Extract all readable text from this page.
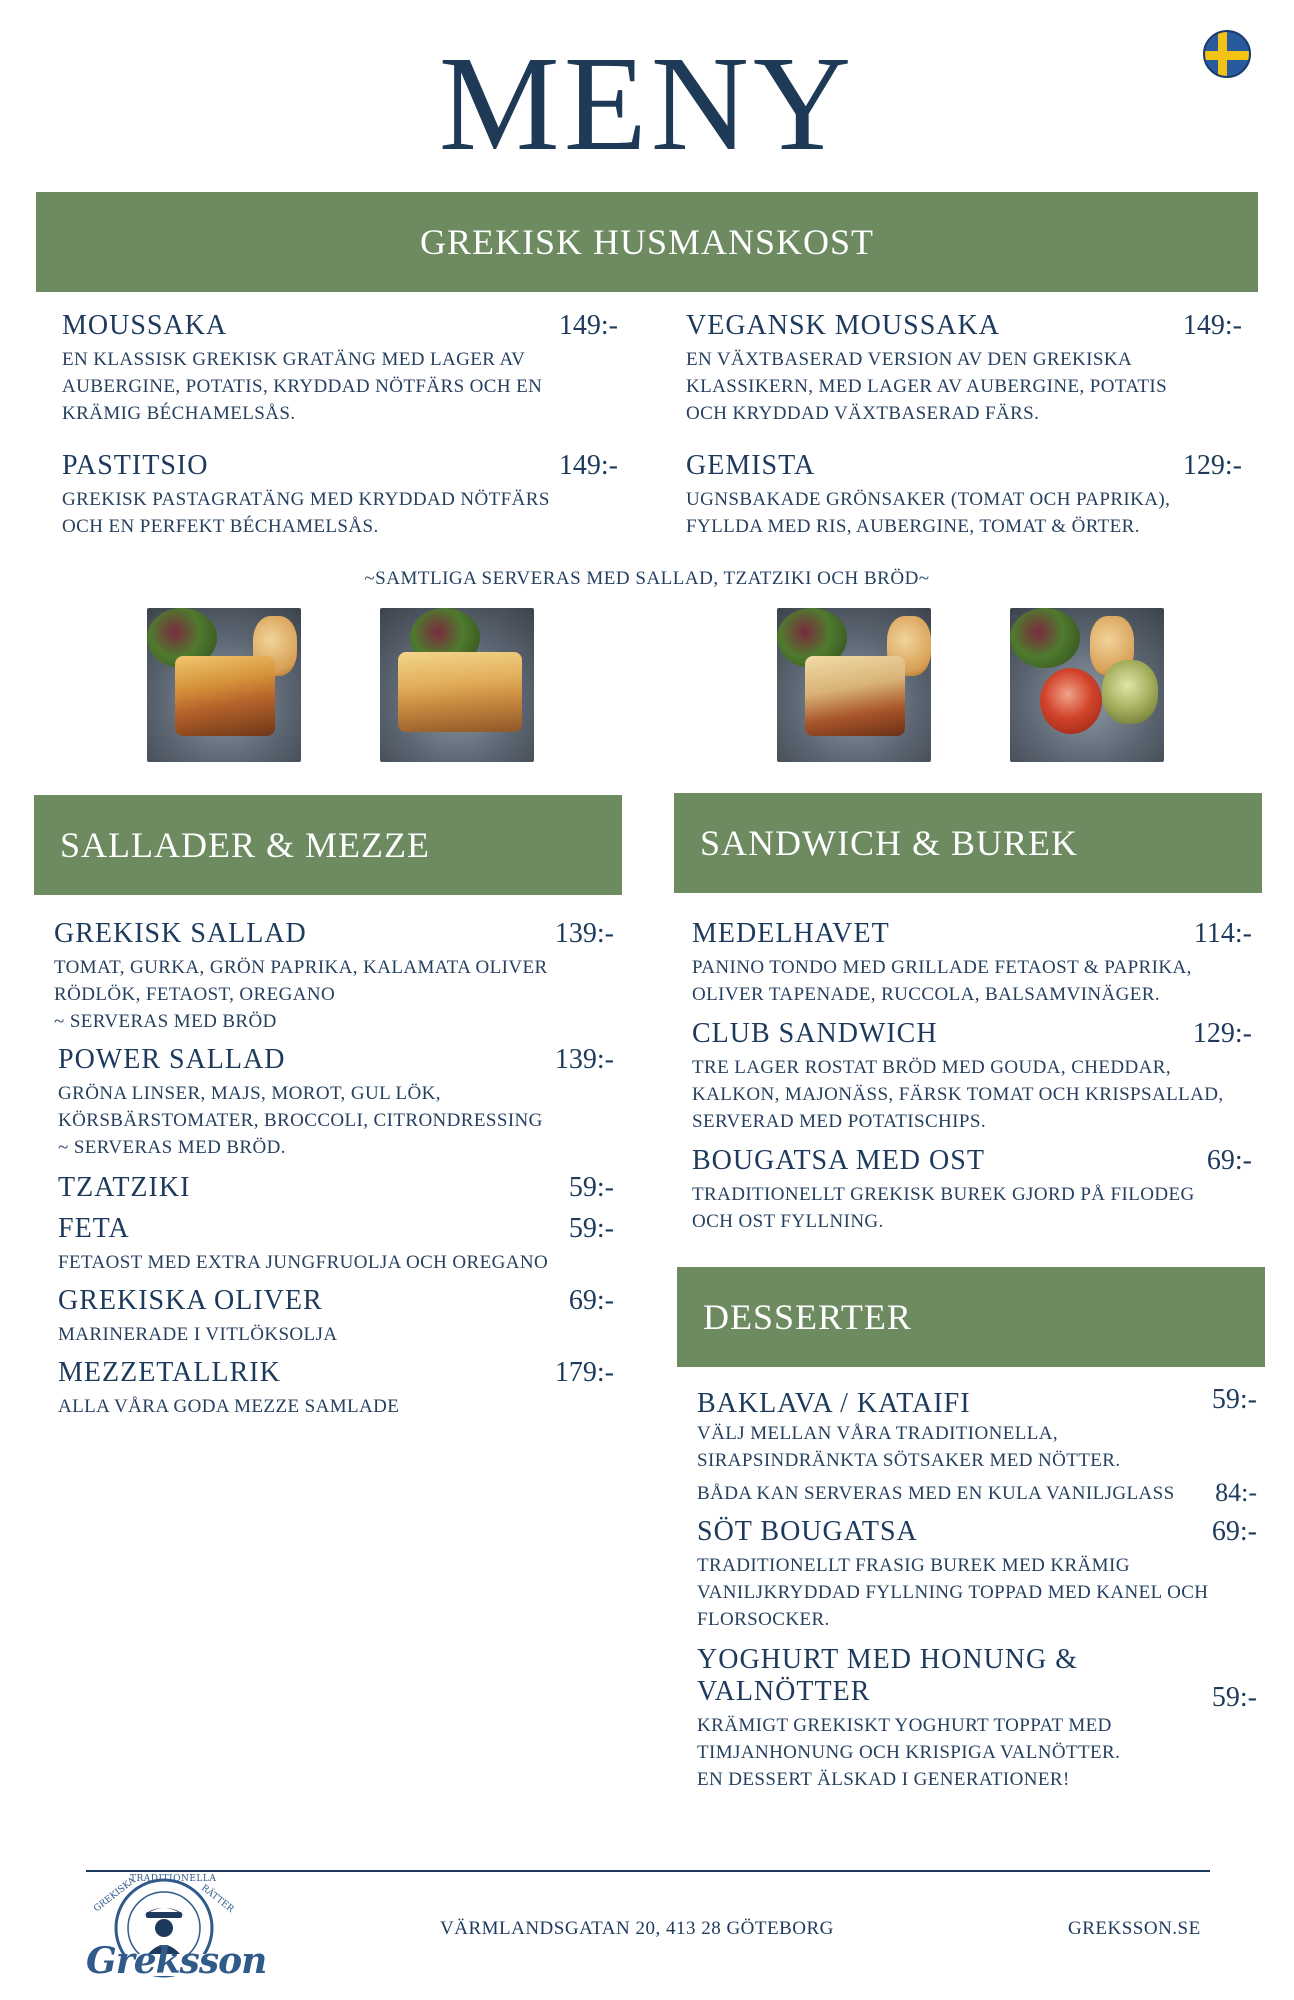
MENY
GREKISK HUSMANSKOST
MOUSSAKA	149:-
EN KLASSISK GREKISK GRATÄNG MED LAGER AV
AUBERGINE, POTATIS, KRYDDAD NÖTFÄRS OCH EN
KRÄMIG BÉCHAMELSÅS.
VEGANSK MOUSSAKA	149:-
EN VÄXTBASERAD VERSION AV DEN GREKISKA
KLASSIKERN, MED LAGER AV AUBERGINE, POTATIS
OCH KRYDDAD VÄXTBASERAD FÄRS.
PASTITSIO	149:-
GREKISK PASTAGRATÄNG MED KRYDDAD NÖTFÄRS
OCH EN PERFEKT BÉCHAMELSÅS.
GEMISTA	129:-
UGNSBAKADE GRÖNSAKER (TOMAT OCH PAPRIKA),
FYLLDA MED RIS, AUBERGINE, TOMAT & ÖRTER.
~SAMTLIGA SERVERAS MED SALLAD, TZATZIKI OCH BRÖD~
SALLADER & MEZZE
GREKISK SALLAD	139:-
TOMAT, GURKA, GRÖN PAPRIKA, KALAMATA OLIVER
RÖDLÖK, FETAOST, OREGANO
~ SERVERAS MED BRÖD
POWER SALLAD	139:-
GRÖNA LINSER, MAJS, MOROT, GUL LÖK,
KÖRSBÄRSTOMATER, BROCCOLI, CITRONDRESSING
~ SERVERAS MED BRÖD.
TZATZIKI	59:-
FETA	59:-
FETAOST MED EXTRA JUNGFRUOLJA OCH OREGANO
GREKISKA OLIVER	69:-
MARINERADE I VITLÖKSOLJA
MEZZETALLRIK	179:-
ALLA VÅRA GODA MEZZE SAMLADE
SANDWICH & BUREK
MEDELHAVET	114:-
PANINO TONDO MED GRILLADE FETAOST & PAPRIKA,
OLIVER TAPENADE, RUCCOLA, BALSAMVINÄGER.
CLUB SANDWICH	129:-
TRE LAGER ROSTAT BRÖD MED GOUDA, CHEDDAR,
KALKON, MAJONÄSS, FÄRSK TOMAT OCH KRISPSALLAD,
SERVERAD MED POTATISCHIPS.
BOUGATSA MED OST	69:-
TRADITIONELLT GREKISK BUREK GJORD PÅ FILODEG
OCH OST FYLLNING.
DESSERTER
BAKLAVA / KATAIFI	59:-
VÄLJ MELLAN VÅRA TRADITIONELLA,
SIRAPSINDRÄNKTA SÖTSAKER MED NÖTTER.
BÅDA KAN SERVERAS MED EN KULA VANILJGLASS 84:-
SÖT BOUGATSA	69:-
TRADITIONELLT FRASIG BUREK MED KRÄMIG
VANILJKRYDDAD FYLLNING TOPPAD MED KANEL OCH
FLORSOCKER.
YOGHURT MED HONUNG &
VALNÖTTER	59:-
KRÄMIGT GREKISKT YOGHURT TOPPAT MED
TIMJANHONUNG OCH KRISPIGA VALNÖTTER.
EN DESSERT ÄLSKAD I GENERATIONER!
GREKISKA
TRADITIONELLA
RÄTTER
Greksson
VÄRMLANDSGATAN 20, 413 28 GÖTEBORG	GREKSSON.SE
